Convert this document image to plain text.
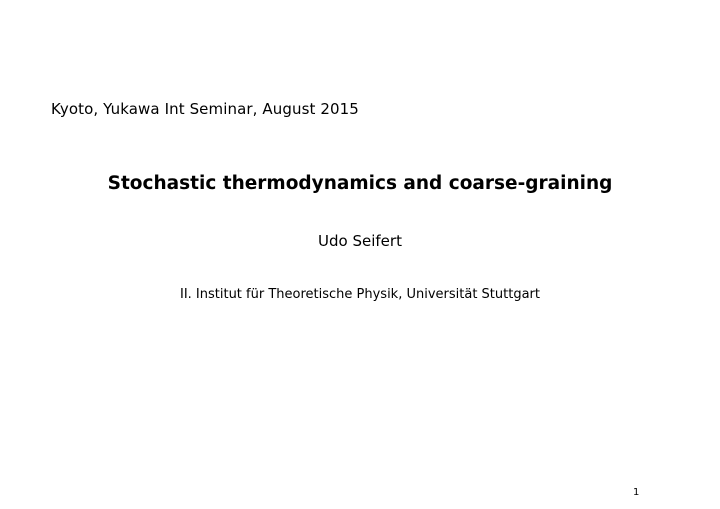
Kyoto, Yukawa Int Seminar, August 2015
Stochastic thermodynamics and coarse-graining
Udo Seifert
II. Institut für Theoretische Physik, Universität Stuttgart
1
